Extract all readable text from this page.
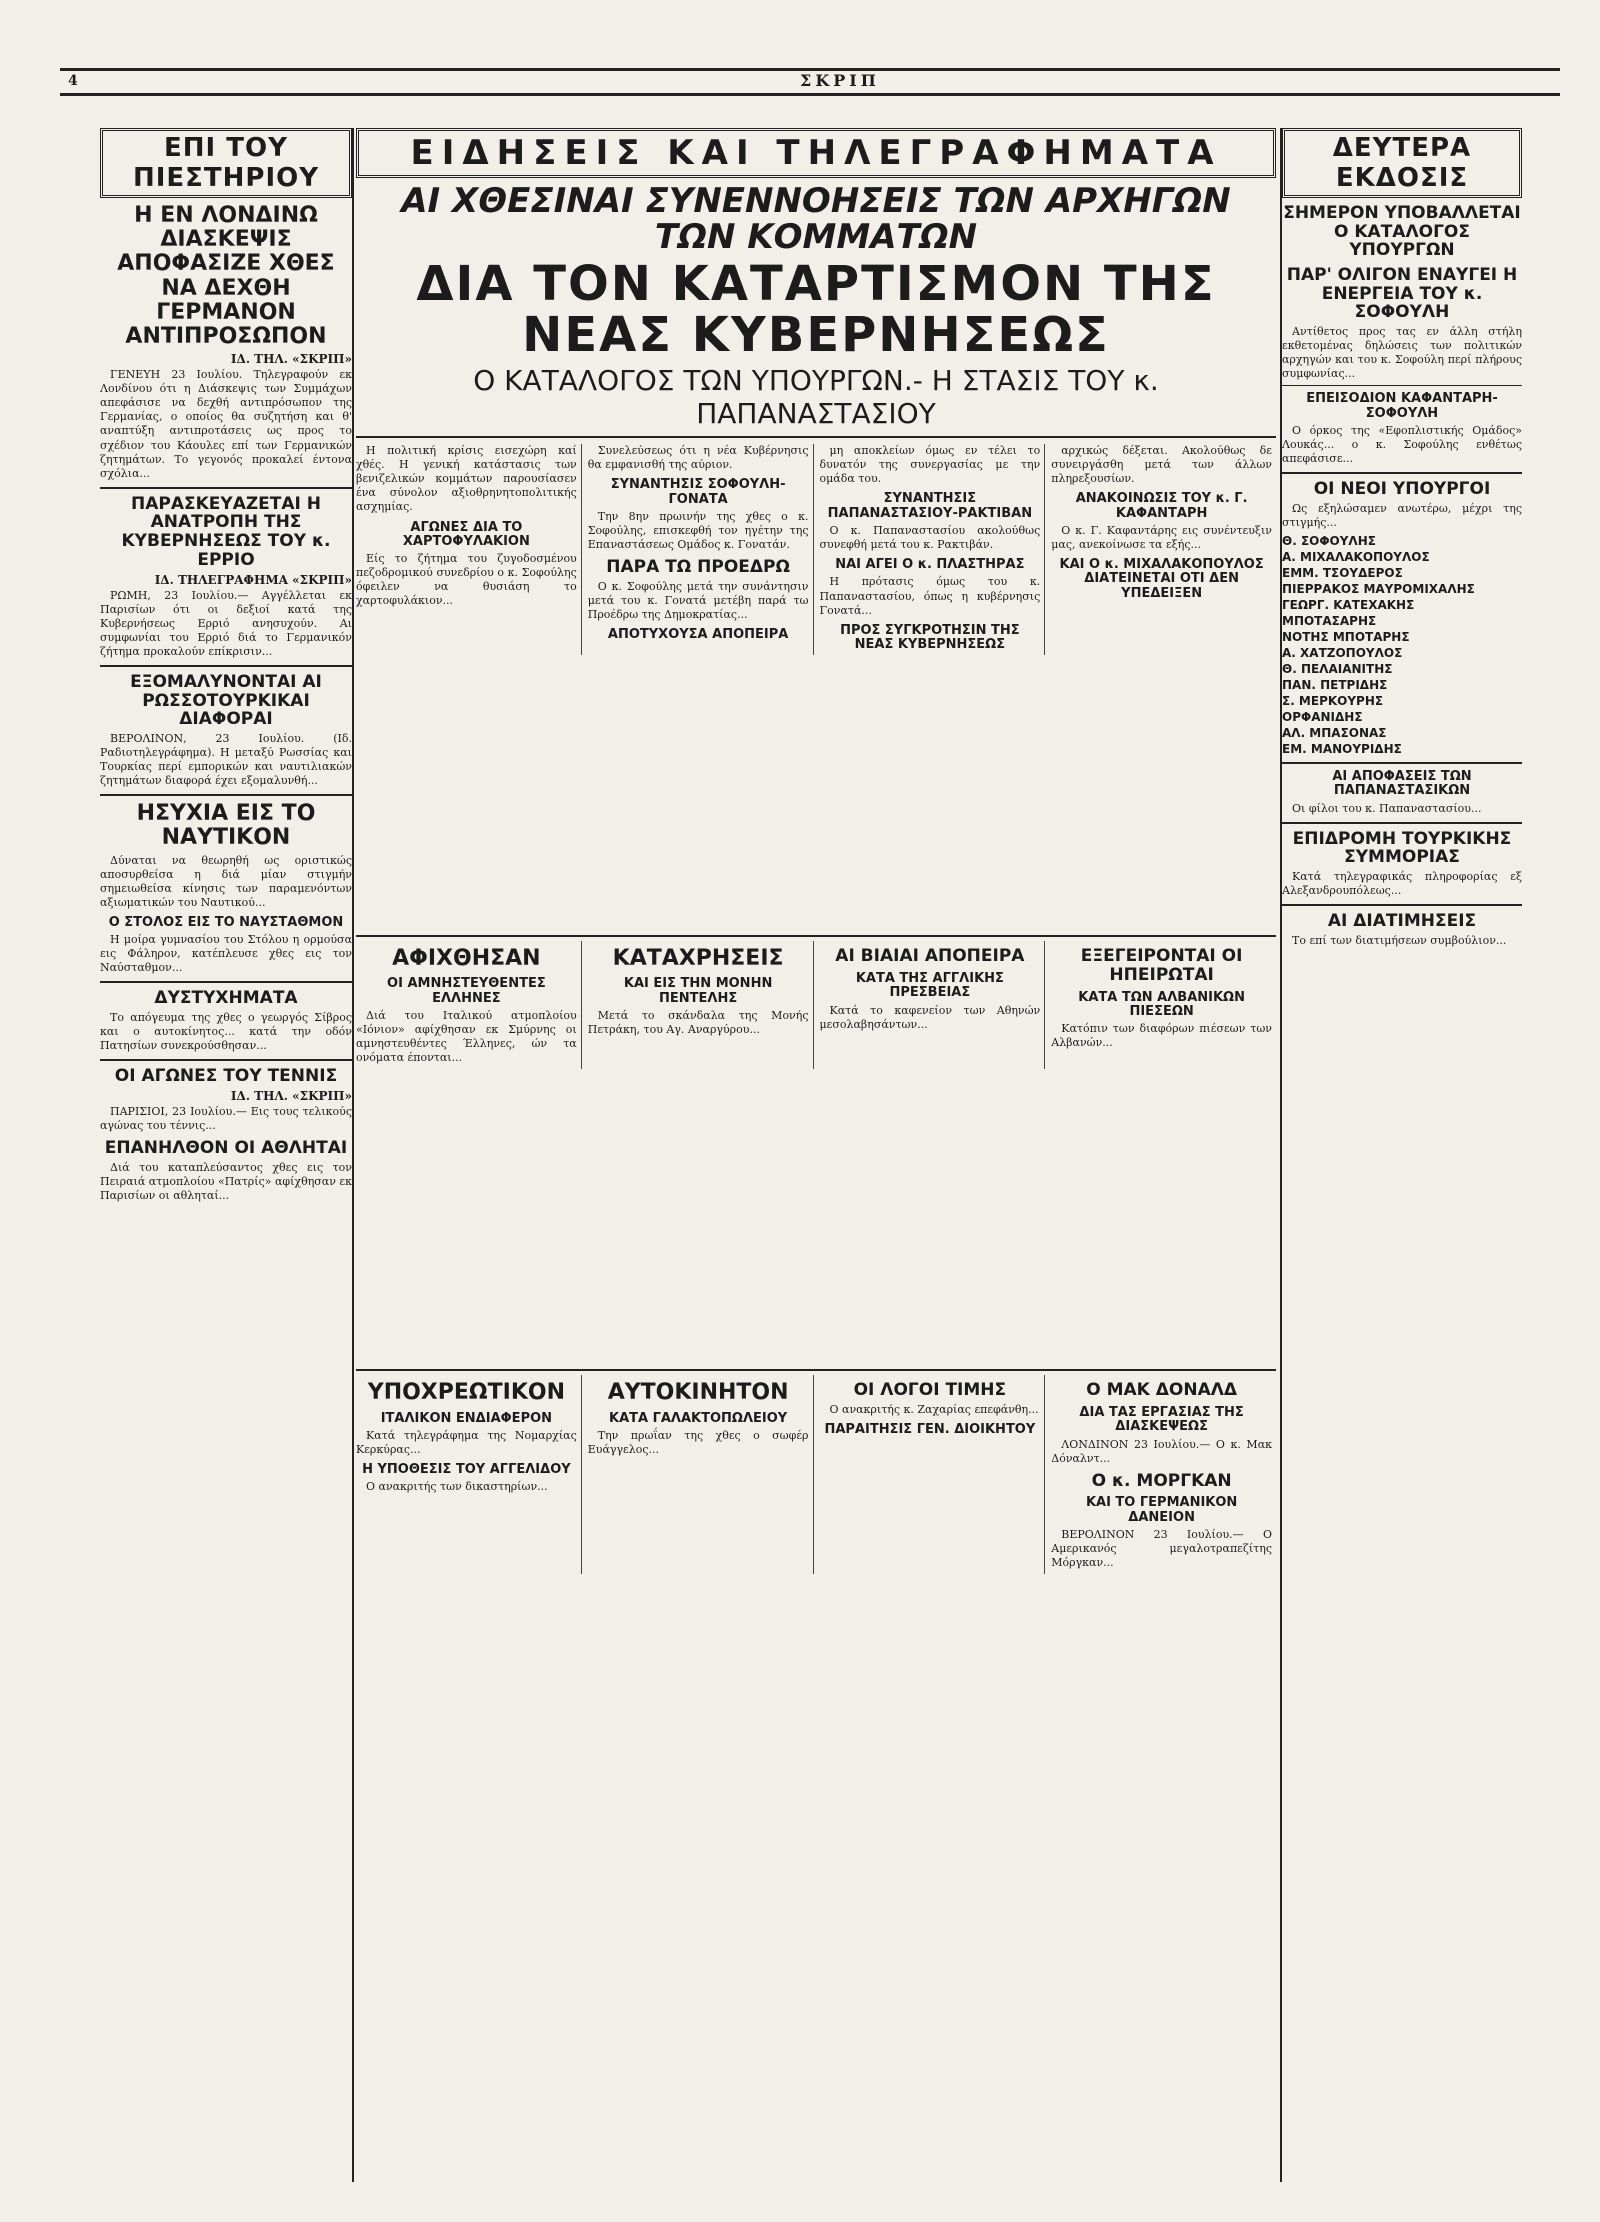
4	ΣΚΡΙΠ
ΕΠΙ ΤΟΥ ΠΙΕΣΤΗΡΙΟΥ
Η ΕΝ ΛΟΝΔΙΝΩ ΔΙΑΣΚΕΨΙΣ ΑΠΟΦΑΣΙΖΕ ΧΘΕΣ ΝΑ ΔΕΧΘΗ ΓΕΡΜΑΝΟΝ ΑΝΤΙΠΡΟΣΩΠΟΝ
ΙΔ. ΤΗΛ. «ΣΚΡΙΠ»

ΓΕΝΕΥΗ 23 Ιουλίου. Τηλεγραφούν εκ Λονδίνου ότι η Διάσκεψις των Συμμάχων απεφάσισε να δεχθή αντιπρόσωπον της Γερμανίας, ο οποίος θα συζητήση και θ' αναπτύξη αντιπροτάσεις ως προς το σχέδιον του Κάουλες επί των Γερμανικών ζητημάτων. Το γεγονός προκαλεί έντονα σχόλια...

ΠΑΡΑΣΚΕΥΑΖΕΤΑΙ Η ΑΝΑΤΡΟΠΗ ΤΗΣ ΚΥΒΕΡΝΗΣΕΩΣ ΤΟΥ κ. ΕΡΡΙΟ
ΙΔ. ΤΗΛΕΓΡΑΦΗΜΑ «ΣΚΡΙΠ»

ΡΩΜΗ, 23 Ιουλίου.— Αγγέλλεται εκ Παρισίων ότι οι δεξιοί κατά της Κυβερνήσεως Ερριό ανησυχούν. Αι συμφωνίαι του Ερριό διά το Γερμανικόν ζήτημα προκαλούν επίκρισιν...

ΕΞΟΜΑΛΥΝΟΝΤΑΙ ΑΙ ΡΩΣΣΟΤΟΥΡΚΙΚΑΙ ΔΙΑΦΟΡΑΙ

ΒΕΡΟΛΙΝΟΝ, 23 Ιουλίου. (Ιδ. Ραδιοτηλεγράφημα). Η μεταξύ Ρωσσίας και Τουρκίας περί εμπορικών και ναυτιλιακών ζητημάτων διαφορά έχει εξομαλυνθή...

ΗΣΥΧΙΑ ΕΙΣ ΤΟ ΝΑΥΤΙΚΟΝ

Δύναται να θεωρηθή ως οριστικώς αποσυρθείσα η διά μίαν στιγμήν σημειωθείσα κίνησις των παραμενόντων αξιωματικών του Ναυτικού...

Ο ΣΤΟΛΟΣ ΕΙΣ ΤΟ ΝΑΥΣΤΑΘΜΟΝ

Η μοίρα γυμνασίου του Στόλου η ορμούσα εις Φάληρον, κατέπλευσε χθες εις τον Ναύσταθμον...

ΔΥΣΤΥΧΗΜΑΤΑ

Το απόγευμα της χθες ο γεωργός Σίβρος και ο αυτοκίνητος... κατά την οδόν Πατησίων συνεκρούσθησαν...

ΟΙ ΑΓΩΝΕΣ ΤΟΥ ΤΕΝΝΙΣ
ΙΔ. ΤΗΛ. «ΣΚΡΙΠ»

ΠΑΡΙΣΙΟΙ, 23 Ιουλίου.— Εις τους τελικούς αγώνας του τέννις...

ΕΠΑΝΗΛΘΟΝ ΟΙ ΑΘΛΗΤΑΙ

Διά του καταπλεύσαντος χθες εις τον Πειραιά ατμοπλοίου «Πατρίς» αφίχθησαν εκ Παρισίων οι αθληταί...

ΕΙΔΗΣΕΙΣ ΚΑΙ ΤΗΛΕΓΡΑΦΗΜΑΤΑ
ΑΙ ΧΘΕΣΙΝΑΙ ΣΥΝΕΝΝΟΗΣΕΙΣ ΤΩΝ ΑΡΧΗΓΩΝ ΤΩΝ ΚΟΜΜΑΤΩΝ
ΔΙΑ ΤΟΝ ΚΑΤΑΡΤΙΣΜΟΝ ΤΗΣ ΝΕΑΣ ΚΥΒΕΡΝΗΣΕΩΣ
Ο ΚΑΤΑΛΟΓΟΣ ΤΩΝ ΥΠΟΥΡΓΩΝ.- Η ΣΤΑΣΙΣ ΤΟΥ κ. ΠΑΠΑΝΑΣΤΑΣΙΟΥ

Η πολιτική κρίσις εισεχώρη καί χθές. Η γενική κατάστασις των βενιζελικών κομμάτων παρουσίασεν ένα σύνολον αξιοθρηνητοπολιτικής ασχημίας.

ΑΓΩΝΕΣ ΔΙΑ ΤΟ ΧΑΡΤΟΦΥΛΑΚΙΟΝ

Είς το ζήτημα του ζυγοδοσμένου πεζοδρομικού συνεδρίου ο κ. Σοφούλης όφειλεν να θυσιάση το χαρτοφυλάκιον...

Συνελεύσεως ότι η νέα Κυβέρνησις θα εμφανισθή της αύριον.

ΣΥΝΑΝΤΗΣΙΣ ΣΟΦΟΥΛΗ-ΓΟΝΑΤΑ

Την 8ην πρωινήν της χθες ο κ. Σοφούλης, επισκεφθή τον ηγέτην της Επαναστάσεως Ομάδος κ. Γονατάν.

ΠΑΡΑ ΤΩ ΠΡΟΕΔΡΩ

Ο κ. Σοφούλης μετά την συνάντησιν μετά του κ. Γονατά μετέβη παρά τω Προέδρω της Δημοκρατίας...

ΑΠΟΤΥΧΟΥΣΑ ΑΠΟΠΕΙΡΑ

μη αποκλείων όμως εν τέλει το δυνατόν της συνεργασίας με την ομάδα του.

ΣΥΝΑΝΤΗΣΙΣ ΠΑΠΑΝΑΣΤΑΣΙΟΥ-ΡΑΚΤΙΒΑΝ

Ο κ. Παπαναστασίου ακολούθως συνεφθή μετά του κ. Ρακτιβάν.

ΝΑΙ ΑΓΕΙ Ο κ. ΠΛΑΣΤΗΡΑΣ

Η πρότασις όμως του κ. Παπαναστασίου, όπως η κυβέρνησις Γονατά...

ΠΡΟΣ ΣΥΓΚΡΟΤΗΣΙΝ ΤΗΣ ΝΕΑΣ ΚΥΒΕΡΝΗΣΕΩΣ

αρχικώς δέξεται. Ακολούθως δε συνειργάσθη μετά των άλλων πληρεξουσίων.

ΑΝΑΚΟΙΝΩΣΙΣ ΤΟΥ κ. Γ. ΚΑΦΑΝΤΑΡΗ

Ο κ. Γ. Καφαντάρης εις συνέντευξιν μας, ανεκοίνωσε τα εξής...

ΚΑΙ Ο κ. ΜΙΧΑΛΑΚΟΠΟΥΛΟΣ ΔΙΑΤΕΙΝΕΤΑΙ ΟΤΙ ΔΕΝ ΥΠΕΔΕΙΞΕΝ
ΑΦΙΧΘΗΣΑΝ
ΟΙ ΑΜΝΗΣΤΕΥΘΕΝΤΕΣ ΕΛΛΗΝΕΣ

Διά του Ιταλικού ατμοπλοίου «Ιόνιον» αφίχθησαν εκ Σμύρνης οι αμνηστευθέντες Έλληνες, ών τα ονόματα έπονται...

ΚΑΤΑΧΡΗΣΕΙΣ
ΚΑΙ ΕΙΣ ΤΗΝ ΜΟΝΗΝ ΠΕΝΤΕΛΗΣ

Μετά το σκάνδαλα της Μονής Πετράκη, του Αγ. Αναργύρου...

ΑΙ ΒΙΑΙΑΙ ΑΠΟΠΕΙΡΑ
ΚΑΤΑ ΤΗΣ ΑΓΓΛΙΚΗΣ ΠΡΕΣΒΕΙΑΣ

Κατά το καφενείον των Αθηνών μεσολαβησάντων...

ΕΞΕΓΕΙΡΟΝΤΑΙ ΟΙ ΗΠΕΙΡΩΤΑΙ
ΚΑΤΑ ΤΩΝ ΑΛΒΑΝΙΚΩΝ ΠΙΕΣΕΩΝ

Κατόπιν των διαφόρων πιέσεων των Αλβανών...

ΥΠΟΧΡΕΩΤΙΚΟΝ
ΙΤΑΛΙΚΟΝ ΕΝΔΙΑΦΕΡΟΝ

Κατά τηλεγράφημα της Νομαρχίας Κερκύρας...

Η ΥΠΟΘΕΣΙΣ ΤΟΥ ΑΓΓΕΛΙΔΟΥ

Ο ανακριτής των δικαστηρίων...

ΑΥΤΟΚΙΝΗΤΟΝ
ΚΑΤΑ ΓΑΛΑΚΤΟΠΩΛΕΙΟΥ

Την πρωΐαν της χθες ο σωφέρ Ευάγγελος...

ΟΙ ΛΟΓΟΙ ΤΙΜΗΣ

Ο ανακριτής κ. Ζαχαρίας επεφάνθη...

ΠΑΡΑΙΤΗΣΙΣ ΓΕΝ. ΔΙΟΙΚΗΤΟΥ
Ο ΜΑΚ ΔΟΝΑΛΔ
ΔΙΑ ΤΑΣ ΕΡΓΑΣΙΑΣ ΤΗΣ ΔΙΑΣΚΕΨΕΩΣ

ΛΟΝΔΙΝΟΝ 23 Ιουλίου.— Ο κ. Μακ Δόναλντ...

Ο κ. ΜΟΡΓΚΑΝ
ΚΑΙ ΤΟ ΓΕΡΜΑΝΙΚΟΝ ΔΑΝΕΙΟΝ

ΒΕΡΟΛΙΝΟΝ 23 Ιουλίου.— Ο Αμερικανός μεγαλοτραπεζίτης Μόργκαν...

ΔΕΥΤΕΡΑ ΕΚΔΟΣΙΣ
ΣΗΜΕΡΟΝ ΥΠΟΒΑΛΛΕΤΑΙ Ο ΚΑΤΑΛΟΓΟΣ ΥΠΟΥΡΓΩΝ
ΠΑΡ' ΟΛΙΓΟΝ ΕΝΑΥΓΕΙ Η ΕΝΕΡΓΕΙΑ ΤΟΥ κ. ΣΟΦΟΥΛΗ

Αντίθετος προς τας εν άλλη στήλη εκθετομένας δηλώσεις των πολιτικών αρχηγών και του κ. Σοφούλη περί πλήρους συμφωνίας...

ΕΠΕΙΣΟΔΙΟΝ ΚΑΦΑΝΤΑΡΗ-ΣΟΦΟΥΛΗ

Ο όρκος της «Εφοπλιστικής Ομάδος» Λουκάς... ο κ. Σοφούλης ενθέτως απεφάσισε...

ΟΙ ΝΕΟΙ ΥΠΟΥΡΓΟΙ

Ως εξηλώσαμεν ανωτέρω, μέχρι της στιγμής...

Θ. ΣΟΦΟΥΛΗΣ
Α. ΜΙΧΑΛΑΚΟΠΟΥΛΟΣ
ΕΜΜ. ΤΣΟΥΔΕΡΟΣ
ΠΙΕΡΡΑΚΟΣ ΜΑΥΡΟΜΙΧΑΛΗΣ
ΓΕΩΡΓ. ΚΑΤΕΧΑΚΗΣ
ΜΠΟΤΑΣΑΡΗΣ
ΝΟΤΗΣ ΜΠΟΤΑΡΗΣ
Α. ΧΑΤΖΟΠΟΥΛΟΣ
Θ. ΠΕΛΑΙΑΝΙΤΗΣ
ΠΑΝ. ΠΕΤΡΙΔΗΣ
Σ. ΜΕΡΚΟΥΡΗΣ
ΟΡΦΑΝΙΔΗΣ
ΑΛ. ΜΠΑΣΟΝΑΣ
ΕΜ. ΜΑΝΟΥΡΙΔΗΣ
ΑΙ ΑΠΟΦΑΣΕΙΣ ΤΩΝ ΠΑΠΑΝΑΣΤΑΣΙΚΩΝ

Οι φίλοι του κ. Παπαναστασίου...

ΕΠΙΔΡΟΜΗ ΤΟΥΡΚΙΚΗΣ ΣΥΜΜΟΡΙΑΣ

Κατά τηλεγραφικάς πληροφορίας εξ Αλεξανδρουπόλεως...

ΑΙ ΔΙΑΤΙΜΗΣΕΙΣ

Το επί των διατιμήσεων συμβούλιον...
